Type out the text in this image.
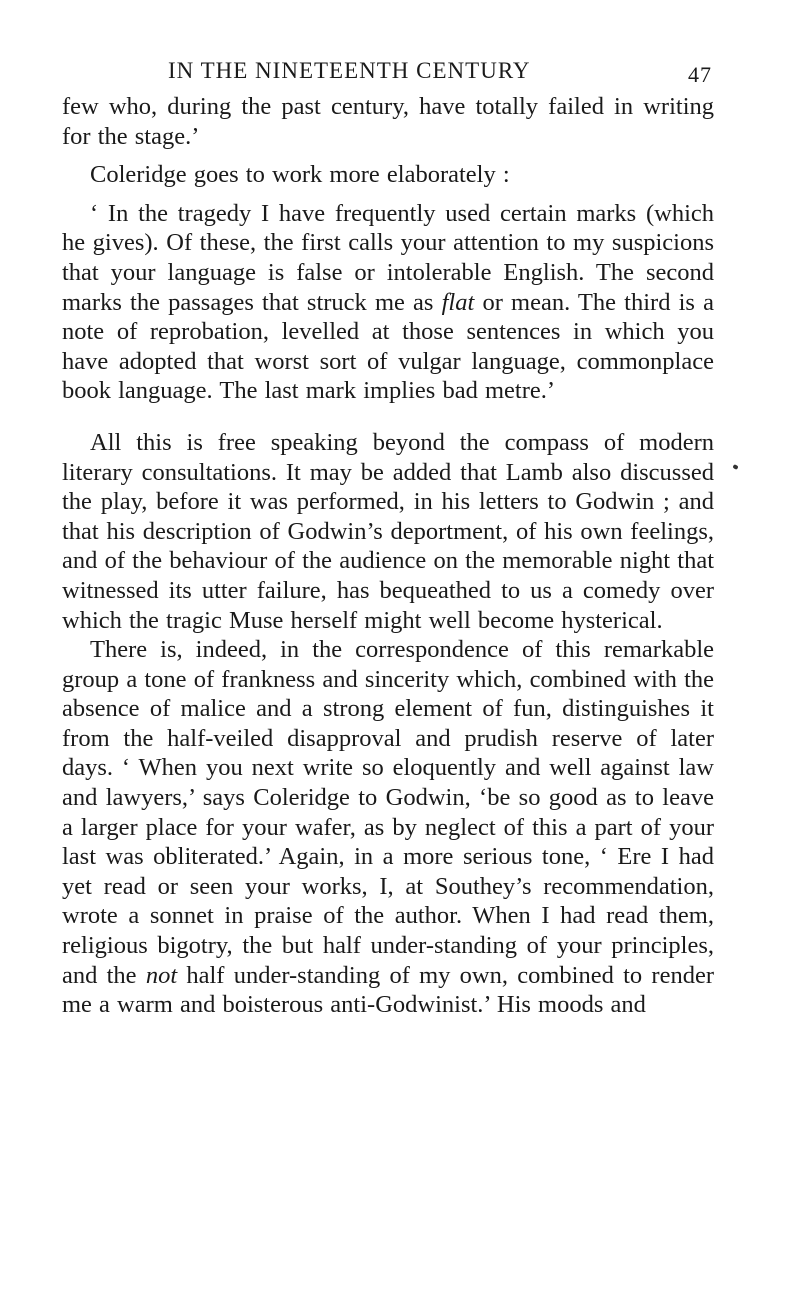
IN THE NINETEENTH CENTURY	47

few who, during the past century, have totally failed in writing for the stage.’

Coleridge goes to work more elaborately :

‘ In the tragedy I have frequently used certain marks (which he gives). Of these, the first calls your attention to my suspicions that your language is false or intolerable English. The second marks the passages that struck me as flat or mean. The third is a note of reprobation, levelled at those sentences in which you have adopted that worst sort of vulgar language, commonplace book language. The last mark implies bad metre.’

All this is free speaking beyond the compass of modern literary consultations. It may be added that Lamb also discussed the play, before it was performed, in his letters to Godwin ; and that his description of Godwin’s deportment, of his own feelings, and of the behaviour of the audience on the memorable night that witnessed its utter failure, has bequeathed to us a comedy over which the tragic Muse herself might well become hysterical.

There is, indeed, in the correspondence of this remarkable group a tone of frankness and sincerity which, combined with the absence of malice and a strong element of fun, distinguishes it from the half-veiled disapproval and prudish reserve of later days. ‘ When you next write so eloquently and well against law and lawyers,’ says Coleridge to Godwin, ‘be so good as to leave a larger place for your wafer, as by neglect of this a part of your last was obliterated.’ Again, in a more serious tone, ‘ Ere I had yet read or seen your works, I, at Southey’s recommendation, wrote a sonnet in praise of the author. When I had read them, religious bigotry, the but half under-standing of your principles, and the not half under-standing of my own, combined to render me a warm and boisterous anti-Godwinist.’ His moods and
